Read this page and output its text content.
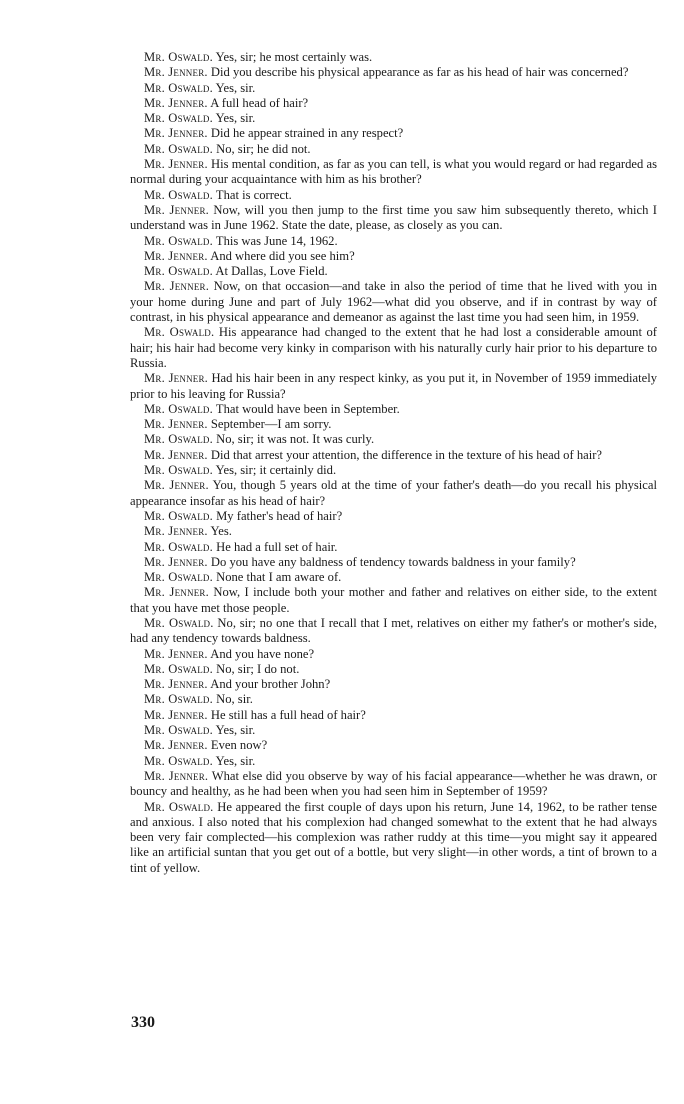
Mr. Oswald. Yes, sir; he most certainly was.

Mr. Jenner. Did you describe his physical appearance as far as his head of hair was concerned?

Mr. Oswald. Yes, sir.

Mr. Jenner. A full head of hair?

Mr. Oswald. Yes, sir.

Mr. Jenner. Did he appear strained in any respect?

Mr. Oswald. No, sir; he did not.

Mr. Jenner. His mental condition, as far as you can tell, is what you would regard or had regarded as normal during your acquaintance with him as his brother?

Mr. Oswald. That is correct.

Mr. Jenner. Now, will you then jump to the first time you saw him subsequently thereto, which I understand was in June 1962. State the date, please, as closely as you can.

Mr. Oswald. This was June 14, 1962.

Mr. Jenner. And where did you see him?

Mr. Oswald. At Dallas, Love Field.

Mr. Jenner. Now, on that occasion—and take in also the period of time that he lived with you in your home during June and part of July 1962—what did you observe, and if in contrast by way of contrast, in his physical appearance and demeanor as against the last time you had seen him, in 1959.

Mr. Oswald. His appearance had changed to the extent that he had lost a considerable amount of hair; his hair had become very kinky in comparison with his naturally curly hair prior to his departure to Russia.

Mr. Jenner. Had his hair been in any respect kinky, as you put it, in November of 1959 immediately prior to his leaving for Russia?

Mr. Oswald. That would have been in September.

Mr. Jenner. September—I am sorry.

Mr. Oswald. No, sir; it was not. It was curly.

Mr. Jenner. Did that arrest your attention, the difference in the texture of his head of hair?

Mr. Oswald. Yes, sir; it certainly did.

Mr. Jenner. You, though 5 years old at the time of your father's death—do you recall his physical appearance insofar as his head of hair?

Mr. Oswald. My father's head of hair?

Mr. Jenner. Yes.

Mr. Oswald. He had a full set of hair.

Mr. Jenner. Do you have any baldness of tendency towards baldness in your family?

Mr. Oswald. None that I am aware of.

Mr. Jenner. Now, I include both your mother and father and relatives on either side, to the extent that you have met those people.

Mr. Oswald. No, sir; no one that I recall that I met, relatives on either my father's or mother's side, had any tendency towards baldness.

Mr. Jenner. And you have none?

Mr. Oswald. No, sir; I do not.

Mr. Jenner. And your brother John?

Mr. Oswald. No, sir.

Mr. Jenner. He still has a full head of hair?

Mr. Oswald. Yes, sir.

Mr. Jenner. Even now?

Mr. Oswald. Yes, sir.

Mr. Jenner. What else did you observe by way of his facial appearance—whether he was drawn, or bouncy and healthy, as he had been when you had seen him in September of 1959?

Mr. Oswald. He appeared the first couple of days upon his return, June 14, 1962, to be rather tense and anxious. I also noted that his complexion had changed somewhat to the extent that he had always been very fair complected—his complexion was rather ruddy at this time—you might say it appeared like an artificial suntan that you get out of a bottle, but very slight—in other words, a tint of brown to a tint of yellow.

330
